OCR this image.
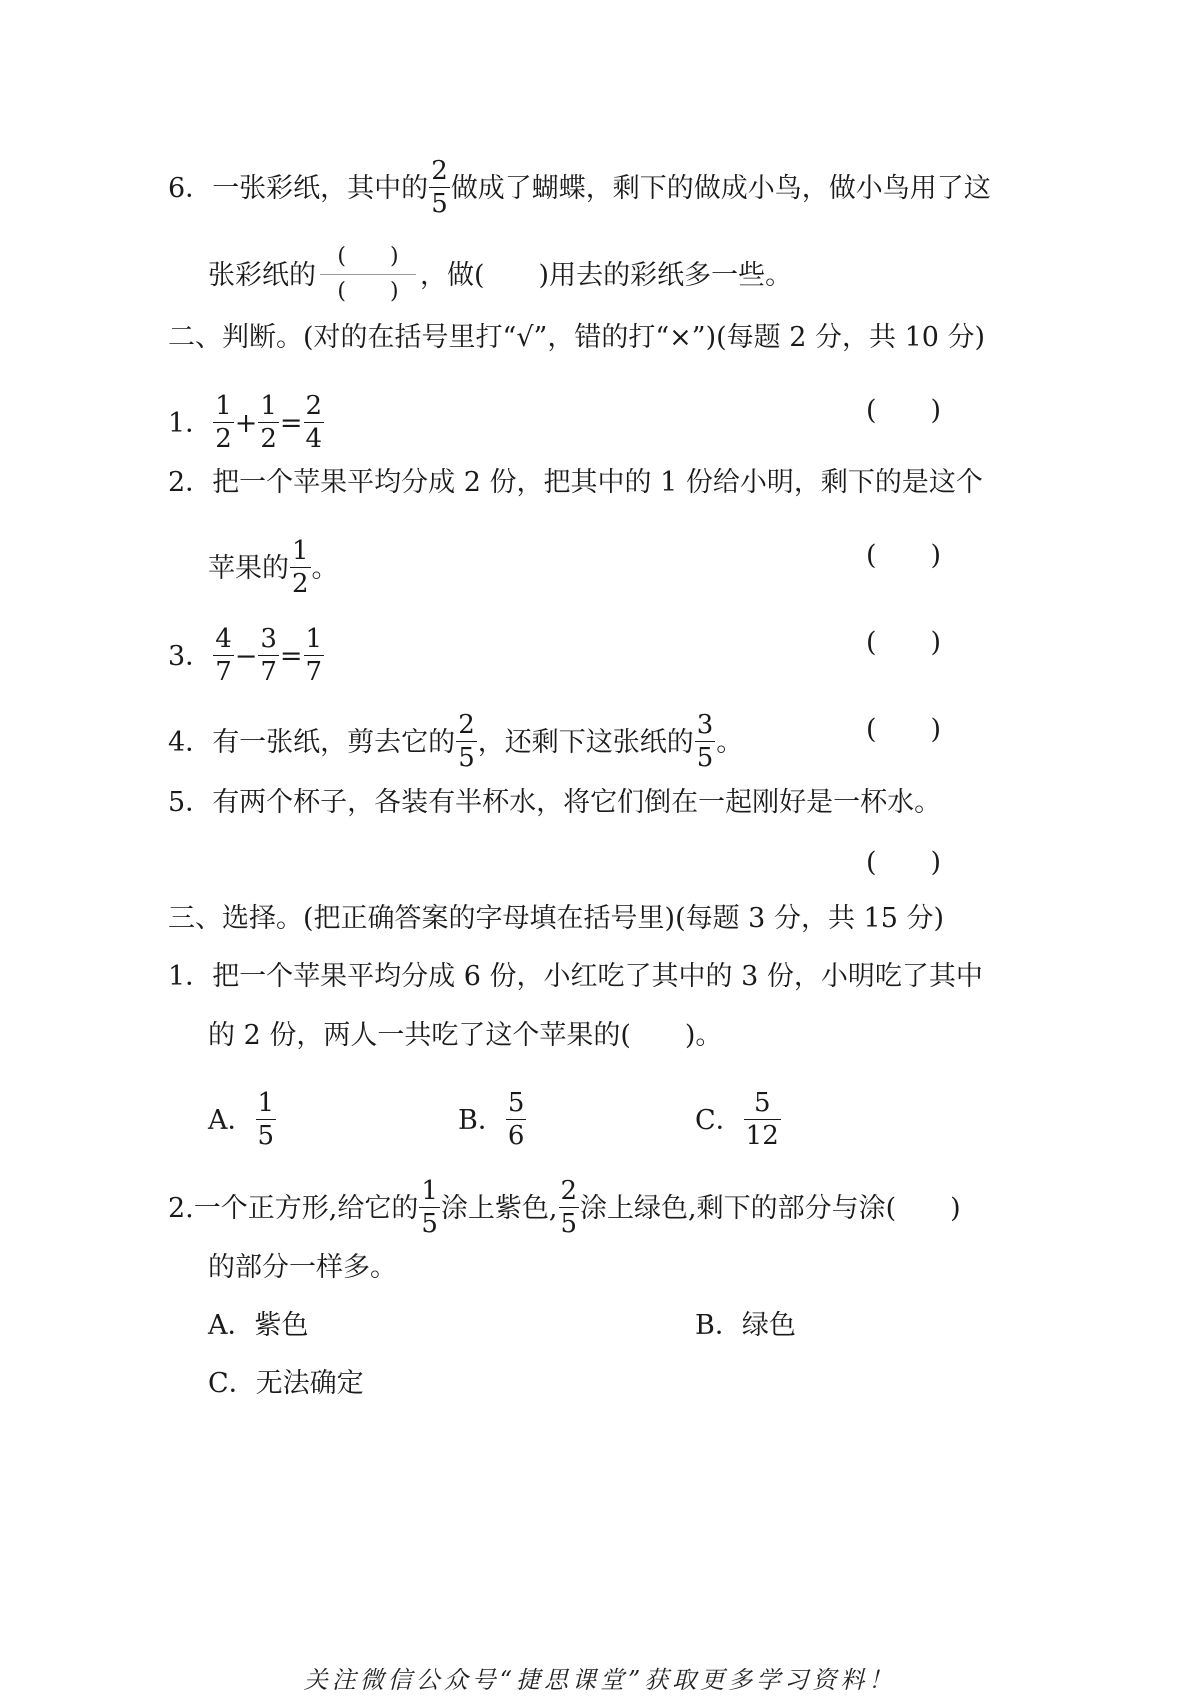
6．一张彩纸，其中的 $\frac{2}{5}$ 做成了蝴蝶，剩下的做成小鸟，做小鸟用了这
张彩纸的
(　　)
(　　)
，做(　　)用去的彩纸多一些。
二、判断。(对的在括号里打“√”，错的打“×”)(每题 2 分，共 10 分)
1． $\frac{1}{2} + \frac{1}{2} = \frac{2}{4}$	(　　)
2．把一个苹果平均分成 2 份，把其中的 1 份给小明，剩下的是这个
苹果的 $\frac{1}{2}$ 。	(　　)
3． $\frac{4}{7} - \frac{3}{7} = \frac{1}{7}$	(　　)
4．有一张纸，剪去它的 $\frac{2}{5}$ ，还剩下这张纸的 $\frac{3}{5}$ 。	(　　)
5．有两个杯子，各装有半杯水，将它们倒在一起刚好是一杯水。
(　　)
三、选择。(把正确答案的字母填在括号里)(每题 3 分，共 15 分)
1．把一个苹果平均分成 6 份，小红吃了其中的 3 份，小明吃了其中
的 2 份，两人一共吃了这个苹果的(　　)。
A． $\frac{1}{5}$	B． $\frac{5}{6}$	C． $\frac{5}{12}$
2.一个正方形,给它的 $\frac{1}{5}$ 涂上紫色, $\frac{2}{5}$ 涂上绿色,剩下的部分与涂(　　)
的部分一样多。
A．紫色	B．绿色
C．无法确定
关注微信公众号“捷思课堂”获取更多学习资料！
